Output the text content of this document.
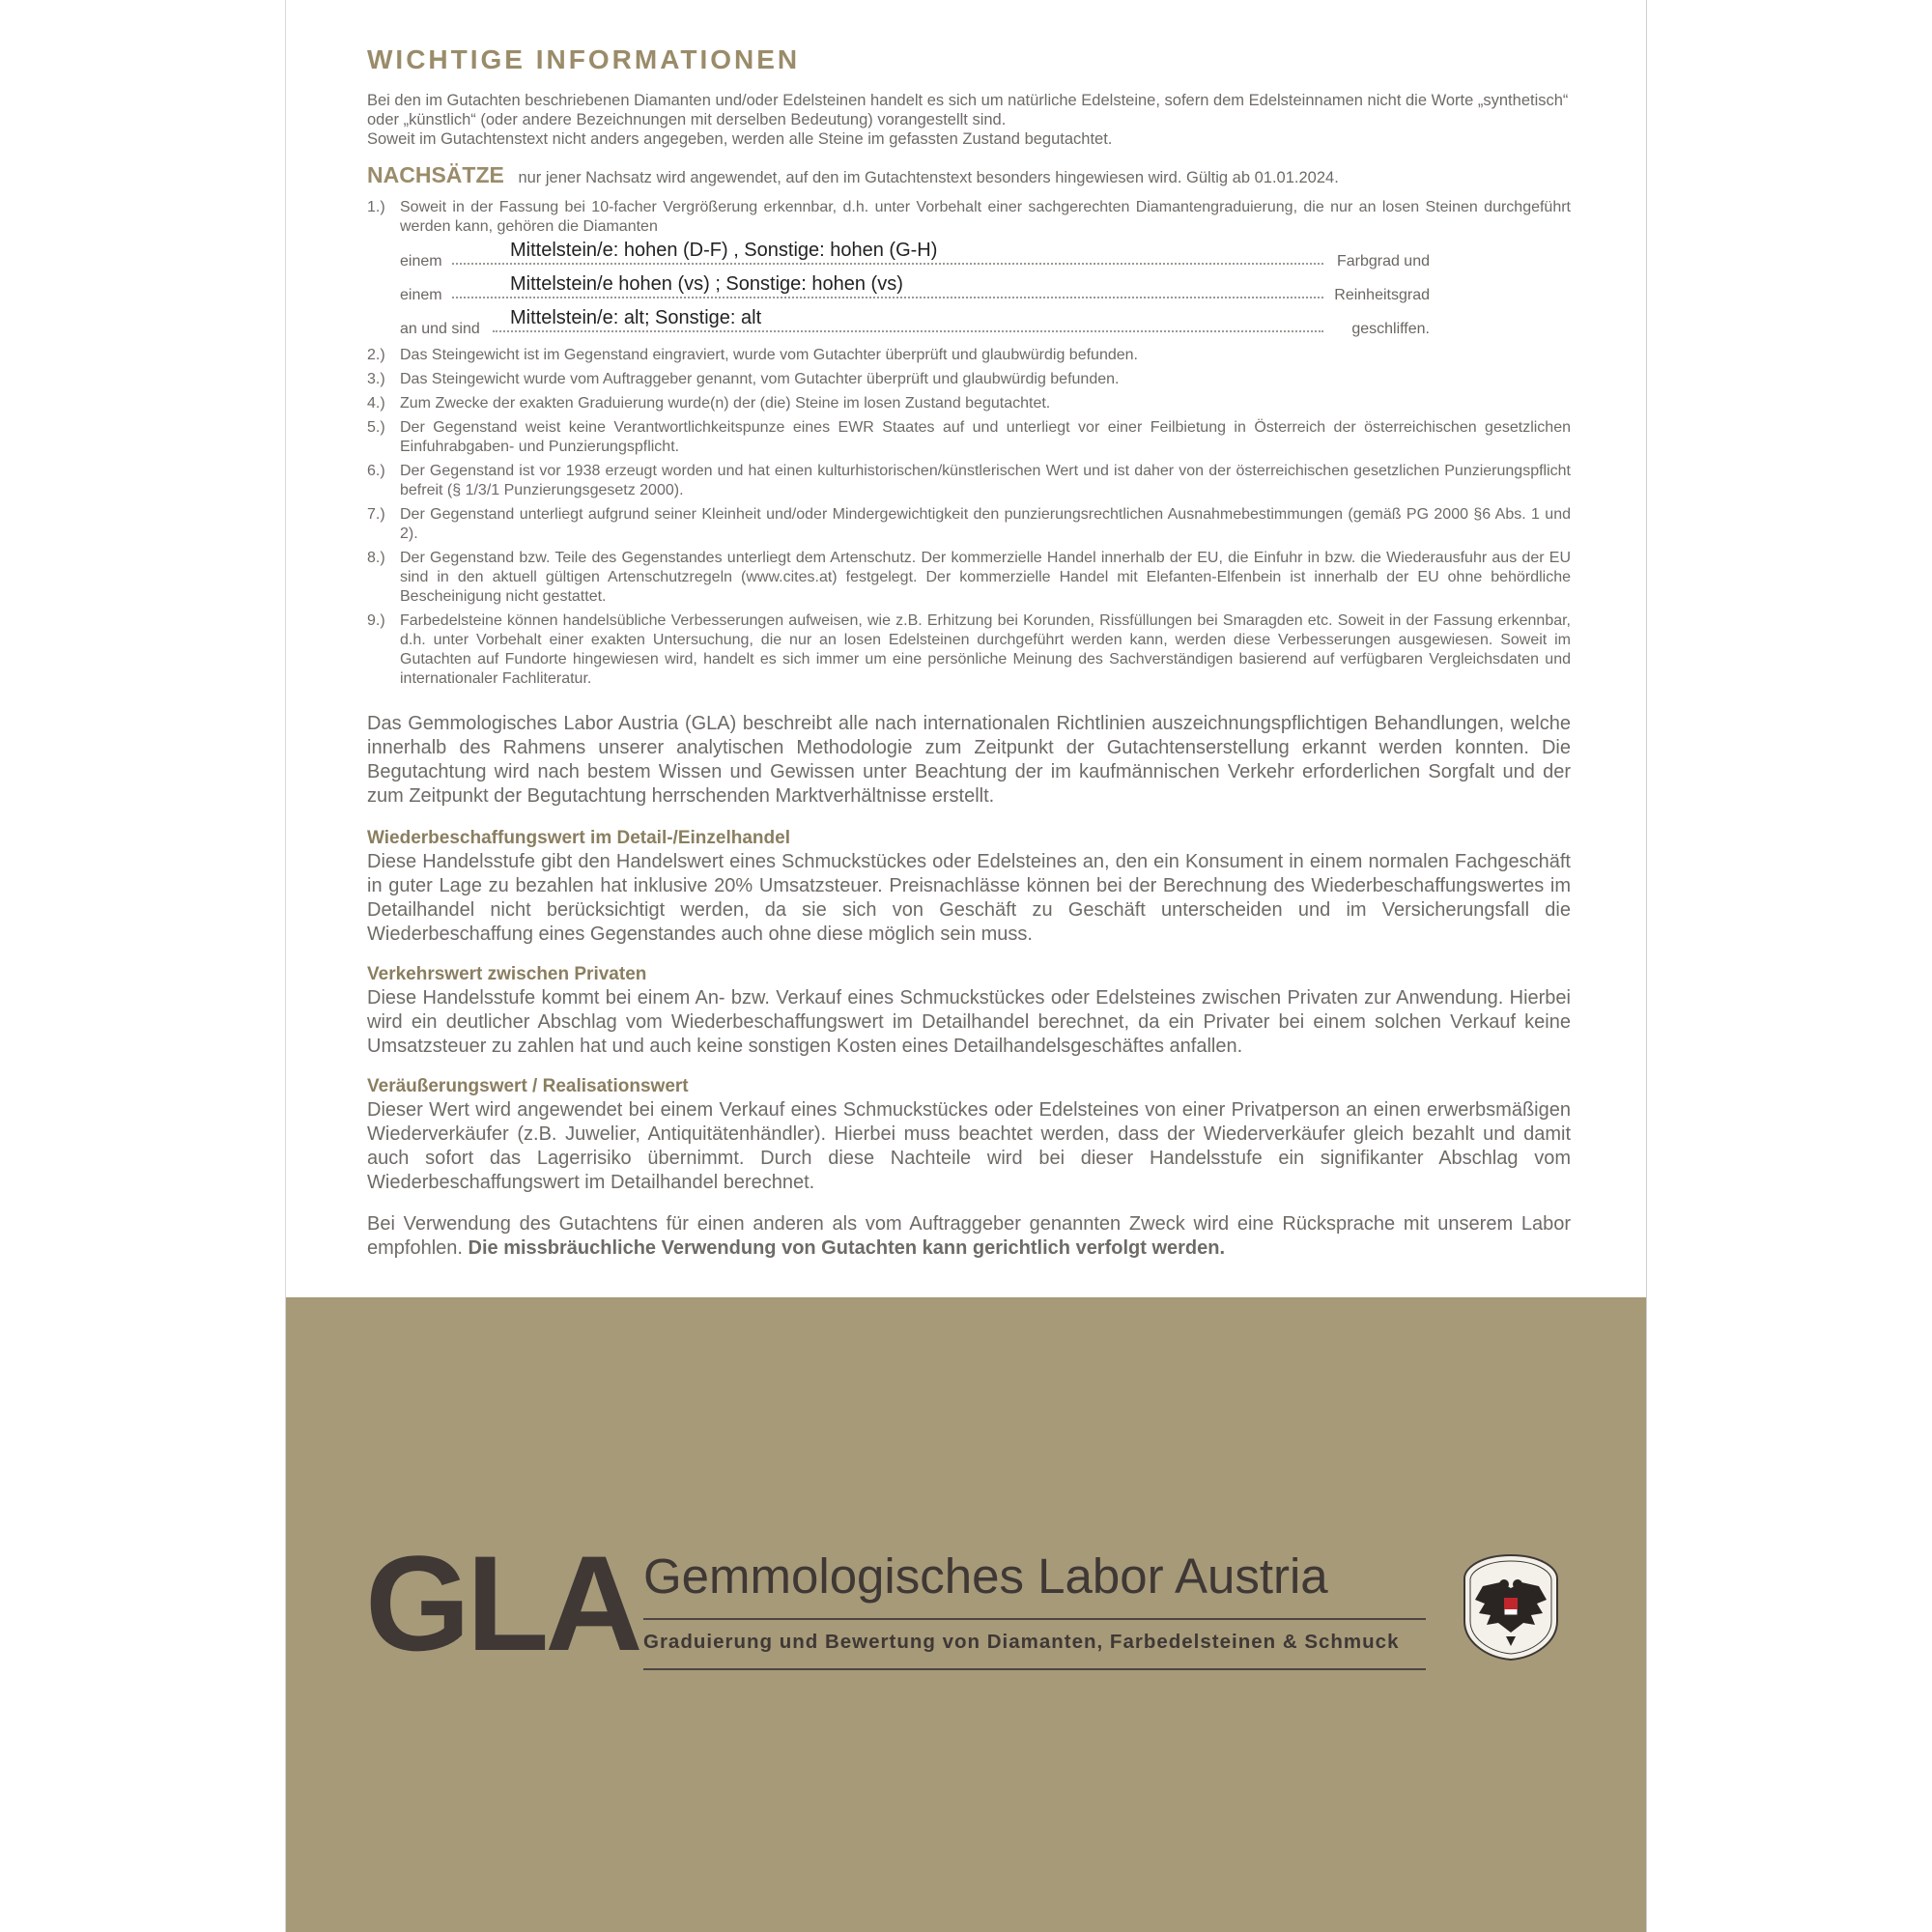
WICHTIGE INFORMATIONEN

Bei den im Gutachten beschriebenen Diamanten und/oder Edelsteinen handelt es sich um natürliche Edelsteine, sofern dem Edelsteinnamen nicht die Worte „synthetisch“ oder „künstlich“ (oder andere Bezeichnungen mit derselben Bedeutung) vorangestellt sind.

Soweit im Gutachtenstext nicht anders angegeben, werden alle Steine im gefassten Zustand begutachtet.

NACHSÄTZE nur jener Nachsatz wird angewendet, auf den im Gutachtenstext besonders hingewiesen wird. Gültig ab 01.01.2024.
1.) Soweit in der Fassung bei 10-facher Vergrößerung erkennbar, d.h. unter Vorbehalt einer sachgerechten Diamantengraduierung, die nur an losen Steinen durchgeführt werden kann, gehören die Diamanten
einem
Mittelstein/e: hohen (D-F) , Sonstige: hohen (G-H)
Farbgrad und
einem
Mittelstein/e hohen (vs) ; Sonstige: hohen (vs)
Reinheitsgrad
an und sind
Mittelstein/e: alt; Sonstige: alt
geschliffen.
2.) Das Steingewicht ist im Gegenstand eingraviert, wurde vom Gutachter überprüft und glaubwürdig befunden.
3.) Das Steingewicht wurde vom Auftraggeber genannt, vom Gutachter überprüft und glaubwürdig befunden.
4.) Zum Zwecke der exakten Graduierung wurde(n) der (die) Steine im losen Zustand begutachtet.
5.) Der Gegenstand weist keine Verantwortlichkeitspunze eines EWR Staates auf und unterliegt vor einer Feilbietung in Österreich der österreichischen gesetzlichen Einfuhrabgaben- und Punzierungspflicht.
6.) Der Gegenstand ist vor 1938 erzeugt worden und hat einen kulturhistorischen/künstlerischen Wert und ist daher von der österreichischen gesetzlichen Punzierungspflicht befreit (§ 1/3/1 Punzierungsgesetz 2000).
7.) Der Gegenstand unterliegt aufgrund seiner Kleinheit und/oder Mindergewichtigkeit den punzierungsrechtlichen Ausnahmebestimmungen (gemäß PG 2000 §6 Abs. 1 und 2).
8.) Der Gegenstand bzw. Teile des Gegenstandes unterliegt dem Artenschutz. Der kommerzielle Handel innerhalb der EU, die Einfuhr in bzw. die Wiederausfuhr aus der EU sind in den aktuell gültigen Artenschutzregeln (www.cites.at) festgelegt. Der kommerzielle Handel mit Elefanten-Elfenbein ist innerhalb der EU ohne behördliche Bescheinigung nicht gestattet.
9.) Farbedelsteine können handelsübliche Verbesserungen aufweisen, wie z.B. Erhitzung bei Korunden, Rissfüllungen bei Smaragden etc. Soweit in der Fassung erkennbar, d.h. unter Vorbehalt einer exakten Untersuchung, die nur an losen Edelsteinen durchgeführt werden kann, werden diese Verbesserungen ausgewiesen. Soweit im Gutachten auf Fundorte hingewiesen wird, handelt es sich immer um eine persönliche Meinung des Sachverständigen basierend auf verfügbaren Vergleichsdaten und internationaler Fachliteratur.

Das Gemmologisches Labor Austria (GLA) beschreibt alle nach internationalen Richtlinien auszeichnungspflichtigen Behandlungen, welche innerhalb des Rahmens unserer analytischen Methodologie zum Zeitpunkt der Gutachtenserstellung erkannt werden konnten. Die Begutachtung wird nach bestem Wissen und Gewissen unter Beachtung der im kaufmännischen Verkehr erforderlichen Sorgfalt und der zum Zeitpunkt der Begutachtung herrschenden Marktverhältnisse erstellt.

Wiederbeschaffungswert im Detail-/Einzelhandel

Diese Handelsstufe gibt den Handelswert eines Schmuckstückes oder Edelsteines an, den ein Konsument in einem normalen Fachgeschäft in guter Lage zu bezahlen hat inklusive 20% Umsatzsteuer. Preisnachlässe können bei der Berechnung des Wiederbeschaffungswertes im Detailhandel nicht berücksichtigt werden, da sie sich von Geschäft zu Geschäft unterscheiden und im Versicherungsfall die Wiederbeschaffung eines Gegenstandes auch ohne diese möglich sein muss.

Verkehrswert zwischen Privaten

Diese Handelsstufe kommt bei einem An- bzw. Verkauf eines Schmuckstückes oder Edelsteines zwischen Privaten zur Anwendung. Hierbei wird ein deutlicher Abschlag vom Wiederbeschaffungswert im Detailhandel berechnet, da ein Privater bei einem solchen Verkauf keine Umsatzsteuer zu zahlen hat und auch keine sonstigen Kosten eines Detailhandelsgeschäftes anfallen.

Veräußerungswert / Realisationswert

Dieser Wert wird angewendet bei einem Verkauf eines Schmuckstückes oder Edelsteines von einer Privatperson an einen erwerbsmäßigen Wiederverkäufer (z.B. Juwelier, Antiquitätenhändler). Hierbei muss beachtet werden, dass der Wiederverkäufer gleich bezahlt und damit auch sofort das Lagerrisiko übernimmt. Durch diese Nachteile wird bei dieser Handelsstufe ein signifikanter Abschlag vom Wiederbeschaffungswert im Detailhandel berechnet.

Bei Verwendung des Gutachtens für einen anderen als vom Auftraggeber genannten Zweck wird eine Rücksprache mit unserem Labor empfohlen. Die missbräuchliche Verwendung von Gutachten kann gerichtlich verfolgt werden.

GLA Gemmologisches Labor Austria
Graduierung und Bewertung von Diamanten, Farbedelsteinen & Schmuck
